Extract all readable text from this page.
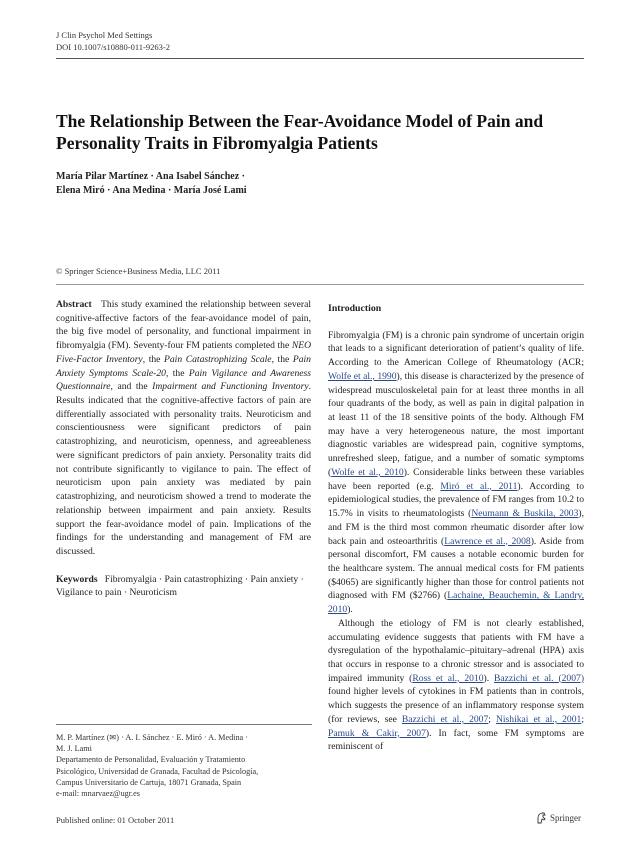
J Clin Psychol Med Settings
DOI 10.1007/s10880-011-9263-2
The Relationship Between the Fear-Avoidance Model of Pain and Personality Traits in Fibromyalgia Patients
María Pilar Martínez · Ana Isabel Sánchez ·
Elena Miró · Ana Medina · María José Lami
© Springer Science+Business Media, LLC 2011

Abstract This study examined the relationship between several cognitive-affective factors of the fear-avoidance model of pain, the big five model of personality, and functional impairment in fibromyalgia (FM). Seventy-four FM patients completed the NEO Five-Factor Inventory, the Pain Catastrophizing Scale, the Pain Anxiety Symptoms Scale-20, the Pain Vigilance and Awareness Questionnaire, and the Impairment and Functioning Inventory. Results indicated that the cognitive-affective factors of pain are differentially associated with personality traits. Neuroticism and conscientiousness were significant predictors of pain catastrophizing, and neuroticism, openness, and agreeableness were significant predictors of pain anxiety. Personality traits did not contribute significantly to vigilance to pain. The effect of neuroticism upon pain anxiety was mediated by pain catastrophizing, and neuroticism showed a trend to moderate the relationship between impairment and pain anxiety. Results support the fear-avoidance model of pain. Implications of the findings for the understanding and management of FM are discussed.

Keywords Fibromyalgia · Pain catastrophizing · Pain anxiety · Vigilance to pain · Neuroticism

M. P. Martínez (✉) · A. I. Sánchez · E. Miró · A. Medina ·
M. J. Lami
Departamento de Personalidad, Evaluación y Tratamiento
Psicológico, Universidad de Granada, Facultad de Psicología,
Campus Universitario de Cartuja, 18071 Granada, Spain
e-mail: mnarvaez@ugr.es

Introduction

Fibromyalgia (FM) is a chronic pain syndrome of uncertain origin that leads to a significant deterioration of patient’s quality of life. According to the American College of Rheumatology (ACR; Wolfe et al., 1990), this disease is characterized by the presence of widespread musculoskeletal pain for at least three months in all four quadrants of the body, as well as pain in digital palpation in at least 11 of the 18 sensitive points of the body. Although FM may have a very heterogeneous nature, the most important diagnostic variables are widespread pain, cognitive symptoms, unrefreshed sleep, fatigue, and a number of somatic symptoms (Wolfe et al., 2010). Considerable links between these variables have been reported (e.g. Miró et al., 2011). According to epidemiological studies, the prevalence of FM ranges from 10.2 to 15.7% in visits to rheumatologists (Neumann & Buskila, 2003), and FM is the third most common rheumatic disorder after low back pain and osteoarthritis (Lawrence et al., 2008). Aside from personal discomfort, FM causes a notable economic burden for the healthcare system. The annual medical costs for FM patients ($4065) are significantly higher than those for control patients not diagnosed with FM ($2766) (Lachaine, Beauchemin, & Landry, 2010).

Although the etiology of FM is not clearly established, accumulating evidence suggests that patients with FM have a dysregulation of the hypothalamic–pituitary–adrenal (HPA) axis that occurs in response to a chronic stressor and is associated to impaired immunity (Ross et al., 2010). Bazzichi et al. (2007) found higher levels of cytokines in FM patients than in controls, which suggests the presence of an inflammatory response system (for reviews, see Bazzichi et al., 2007; Nishikai et al., 2001; Pamuk & Cakir, 2007). In fact, some FM symptoms are reminiscent of

Published online: 01 October 2011	Springer
